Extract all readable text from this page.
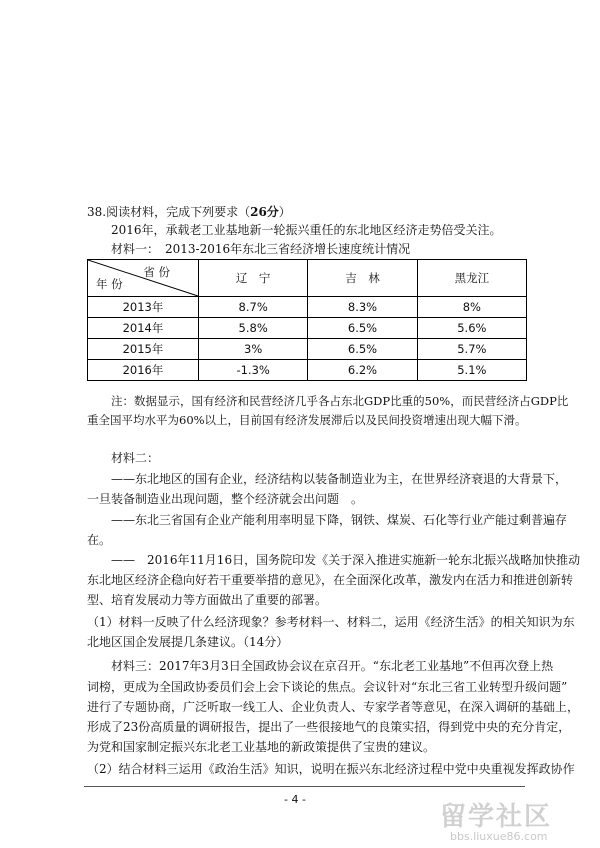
38.阅读材料，完成下列要求（26分）
2016年，承载老工业基地新一轮振兴重任的东北地区经济走势倍受关注。
材料一：　2013-2016年东北三省经济增长速度统计情况
省 份
年 份	辽　宁	吉　林	黑龙江
2013年	8.7%	8.3%	8%
2014年	5.8%	6.5%	5.6%
2015年	3%	6.5%	5.7%
2016年	-1.3%	6.2%	5.1%
注：数据显示，国有经济和民营经济几乎各占东北GDP比重的50%，而民营经济占GDP比
重全国平均水平为60%以上，目前国有经济发展滞后以及民间投资增速出现大幅下滑。
材料二：
——东北地区的国有企业，经济结构以装备制造业为主，在世界经济衰退的大背景下，
一旦装备制造业出现问题，整个经济就会出问题　。
——东北三省国有企业产能利用率明显下降，钢铁、煤炭、石化等行业产能过剩普遍存
在。
——　2016年11月16日，国务院印发《关于深入推进实施新一轮东北振兴战略加快推动
东北地区经济企稳向好若干重要举措的意见》，在全面深化改革，激发内在活力和推进创新转
型、培育发展动力等方面做出了重要的部署。
（1）材料一反映了什么经济现象？参考材料一、材料二，运用《经济生活》的相关知识为东
北地区国企发展提几条建议。（14分）
材料三：2017年3月3日全国政协会议在京召开。“东北老工业基地”不但再次登上热
词榜，更成为全国政协委员们会上会下谈论的焦点。会议针对“东北三省工业转型升级问题”
进行了专题协商，广泛听取一线工人、企业负责人、专家学者等意见，在深入调研的基础上，
形成了23份高质量的调研报告，提出了一些很接地气的良策实招，得到党中央的充分肯定，
为党和国家制定振兴东北老工业基地的新政策提供了宝贵的建议。
（2）结合材料三运用《政治生活》知识，说明在振兴东北经济过程中党中央重视发挥政协作
- 4 -
留学社区
bbs.liuxue86.com
